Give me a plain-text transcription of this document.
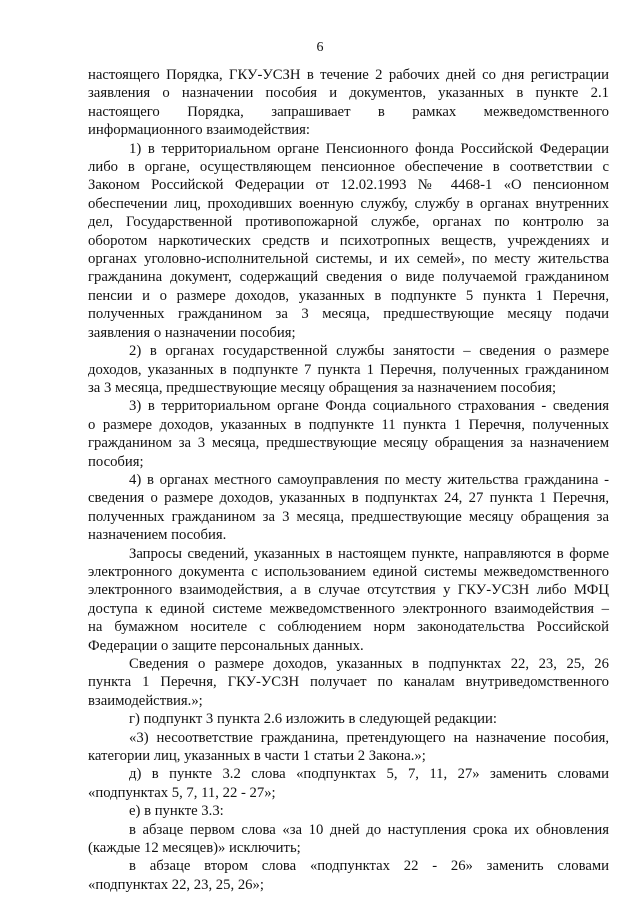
6
настоящего Порядка, ГКУ-УСЗН в течение 2 рабочих дней со дня регистрации
заявления о назначении пособия и документов, указанных в пункте 2.1
настоящего Порядка, запрашивает в рамках межведомственного
информационного взаимодействия:
1) в территориальном органе Пенсионного фонда Российской Федерации
либо в органе, осуществляющем пенсионное обеспечение в соответствии с
Законом Российской Федерации от 12.02.1993 № 4468-1 «О пенсионном
обеспечении лиц, проходивших военную службу, службу в органах внутренних
дел, Государственной противопожарной службе, органах по контролю за
оборотом наркотических средств и психотропных веществ, учреждениях и
органах уголовно-исполнительной системы, и их семей», по месту жительства
гражданина документ, содержащий сведения о виде получаемой гражданином
пенсии и о размере доходов, указанных в подпункте 5 пункта 1 Перечня,
полученных гражданином за 3 месяца, предшествующие месяцу подачи
заявления о назначении пособия;
2) в органах государственной службы занятости – сведения о размере
доходов, указанных в подпункте 7 пункта 1 Перечня, полученных гражданином
за 3 месяца, предшествующие месяцу обращения за назначением пособия;
3) в территориальном органе Фонда социального страхования - сведения
о размере доходов, указанных в подпункте 11 пункта 1 Перечня, полученных
гражданином за 3 месяца, предшествующие месяцу обращения за назначением
пособия;
4) в органах местного самоуправления по месту жительства гражданина -
сведения о размере доходов, указанных в подпунктах 24, 27 пункта 1 Перечня,
полученных гражданином за 3 месяца, предшествующие месяцу обращения за
назначением пособия.
Запросы сведений, указанных в настоящем пункте, направляются в форме
электронного документа с использованием единой системы межведомственного
электронного взаимодействия, а в случае отсутствия у ГКУ-УСЗН либо МФЦ
доступа к единой системе межведомственного электронного взаимодействия –
на бумажном носителе с соблюдением норм законодательства Российской
Федерации о защите персональных данных.
Сведения о размере доходов, указанных в подпунктах 22, 23, 25, 26
пункта 1 Перечня, ГКУ-УСЗН получает по каналам внутриведомственного
взаимодействия.»;
г) подпункт 3 пункта 2.6 изложить в следующей редакции:
«3) несоответствие гражданина, претендующего на назначение пособия,
категории лиц, указанных в части 1 статьи 2 Закона.»;
д) в пункте 3.2 слова «подпунктах 5, 7, 11, 27» заменить словами
«подпунктах 5, 7, 11, 22 - 27»;
е) в пункте 3.3:
в абзаце первом слова «за 10 дней до наступления срока их обновления
(каждые 12 месяцев)» исключить;
в абзаце втором слова «подпунктах 22 - 26» заменить словами
«подпунктах 22, 23, 25, 26»;
